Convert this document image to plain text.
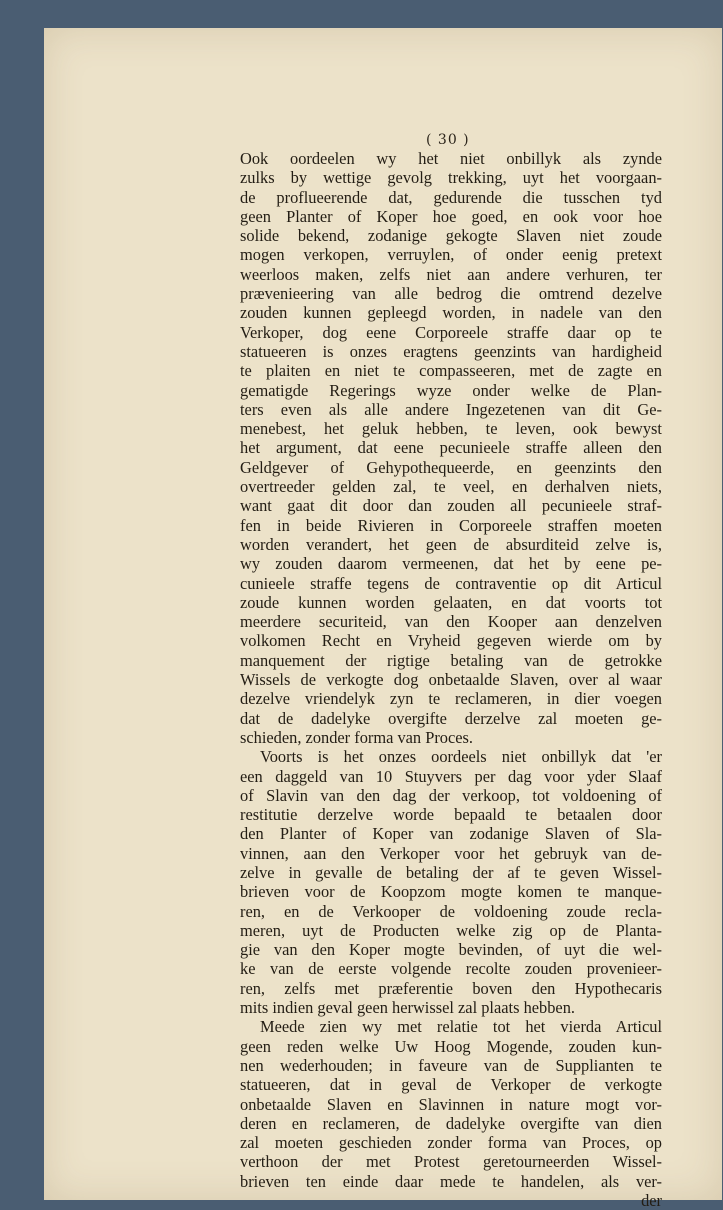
( 30 )
Ook oordeelen wy het niet onbillyk als zynde
zulks by wettige gevolg trekking, uyt het voorgaan-
de proflueerende dat, gedurende die tusschen tyd
geen Planter of Koper hoe goed, en ook voor hoe
solide bekend, zodanige gekogte Slaven niet zoude
mogen verkopen, verruylen, of onder eenig pretext
weerloos maken, zelfs niet aan andere verhuren, ter
prævenieering van alle bedrog die omtrend dezelve
zouden kunnen gepleegd worden, in nadele van den
Verkoper, dog eene Corporeele straffe daar op te
statueeren is onzes eragtens geenzints van hardigheid
te plaiten en niet te compasseeren, met de zagte en
gematigde Regerings wyze onder welke de Plan-
ters even als alle andere Ingezetenen van dit Ge-
menebest, het geluk hebben, te leven, ook bewyst
het argument, dat eene pecunieele straffe alleen den
Geldgever of Gehypothequeerde, en geenzints den
overtreeder gelden zal, te veel, en derhalven niets,
want gaat dit door dan zouden all pecunieele straf-
fen in beide Rivieren in Corporeele straffen moeten
worden verandert, het geen de absurditeid zelve is,
wy zouden daarom vermeenen, dat het by eene pe-
cunieele straffe tegens de contraventie op dit Articul
zoude kunnen worden gelaaten, en dat voorts tot
meerdere securiteid, van den Kooper aan denzelven
volkomen Recht en Vryheid gegeven wierde om by
manquement der rigtige betaling van de getrokke
Wissels de verkogte dog onbetaalde Slaven, over al waar
dezelve vriendelyk zyn te reclameren, in dier voegen
dat de dadelyke overgifte derzelve zal moeten ge-
schieden, zonder forma van Proces.
Voorts is het onzes oordeels niet onbillyk dat 'er
een daggeld van 10 Stuyvers per dag voor yder Slaaf
of Slavin van den dag der verkoop, tot voldoening of
restitutie derzelve worde bepaald te betaalen door
den Planter of Koper van zodanige Slaven of Sla-
vinnen, aan den Verkoper voor het gebruyk van de-
zelve in gevalle de betaling der af te geven Wissel-
brieven voor de Koopzom mogte komen te manque-
ren, en de Verkooper de voldoening zoude recla-
meren, uyt de Producten welke zig op de Planta-
gie van den Koper mogte bevinden, of uyt die wel-
ke van de eerste volgende recolte zouden provenieer-
ren, zelfs met præferentie boven den Hypothecaris
mits indien geval geen herwissel zal plaats hebben.
Meede zien wy met relatie tot het vierda Articul
geen reden welke Uw Hoog Mogende, zouden kun-
nen wederhouden; in faveure van de Supplianten te
statueeren, dat in geval de Verkoper de verkogte
onbetaalde Slaven en Slavinnen in nature mogt vor-
deren en reclameren, de dadelyke overgifte van dien
zal moeten geschieden zonder forma van Proces, op
verthoon der met Protest geretourneerden Wissel-
brieven ten einde daar mede te handelen, als ver-
der
